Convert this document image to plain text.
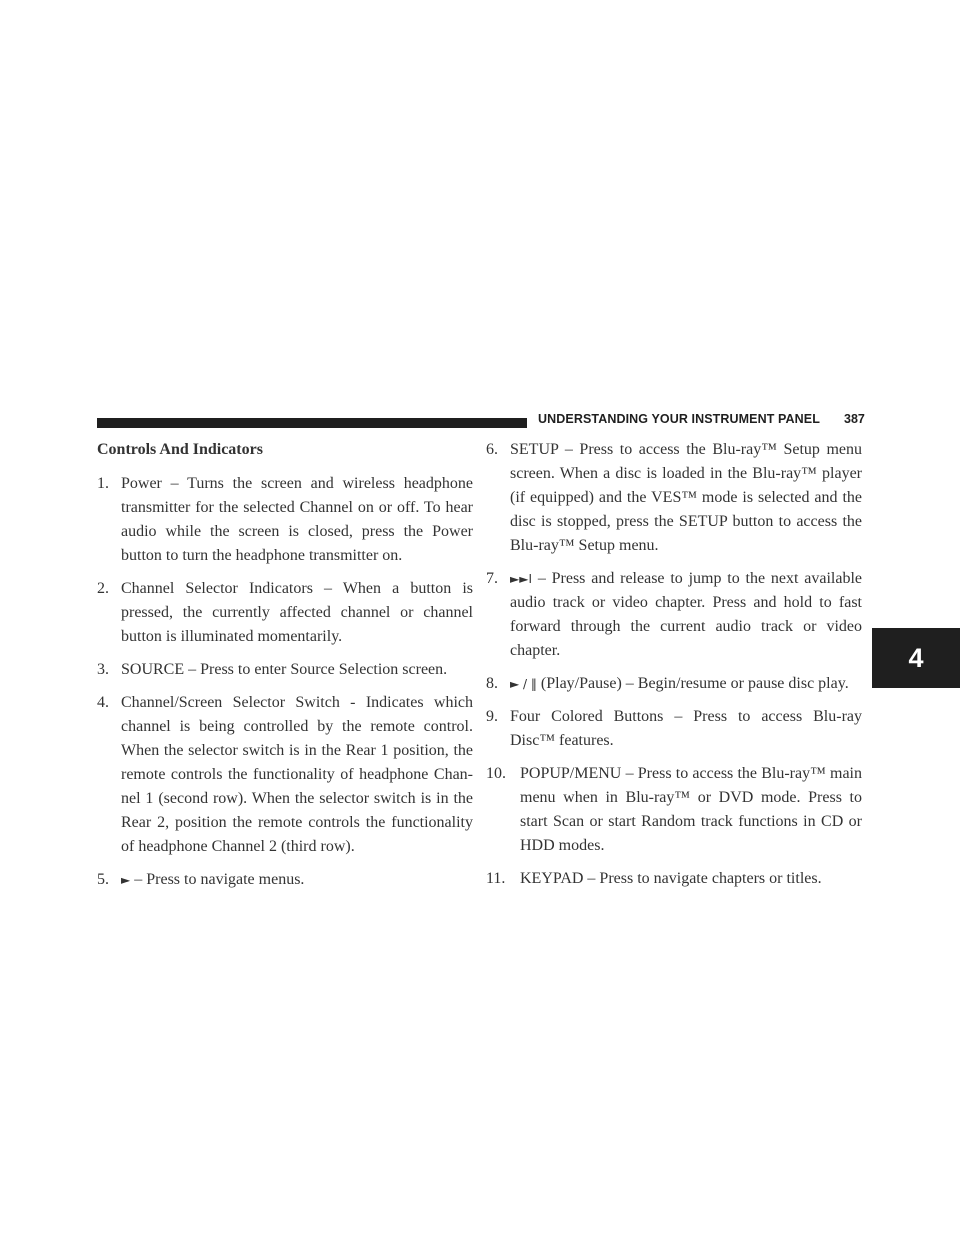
UNDERSTANDING YOUR INSTRUMENT PANEL 387
4
Controls And Indicators
1. Power – Turns the screen and wireless headphone transmitter for the selected Channel on or off. To hear audio while the screen is closed, press the Power button to turn the headphone transmitter on.
2. Channel Selector Indicators – When a button is pressed, the currently affected channel or channel button is illuminated momentarily.
3. SOURCE – Press to enter Source Selection screen.
4. Channel/Screen Selector Switch - Indicates which channel is being controlled by the remote control. When the selector switch is in the Rear 1 position, the remote controls the functionality of headphone Chan-nel 1 (second row). When the selector switch is in the Rear 2, position the remote controls the functionality of headphone Channel 2 (third row).
5. ► – Press to navigate menus.
6. SETUP – Press to access the Blu-ray™ Setup menu screen. When a disc is loaded in the Blu-ray™ player (if equipped) and the VES™ mode is selected and the disc is stopped, press the SETUP button to access the Blu-ray™ Setup menu.
7. ►►I – Press and release to jump to the next available audio track or video chapter. Press and hold to fast forward through the current audio track or video chapter.
8. ► / ‖ (Play/Pause) – Begin/resume or pause disc play.
9. Four Colored Buttons – Press to access Blu-ray Disc™ features.
10. POPUP/MENU – Press to access the Blu-ray™ main menu when in Blu-ray™ or DVD mode. Press to start Scan or start Random track functions in CD or HDD modes.
11. KEYPAD – Press to navigate chapters or titles.
